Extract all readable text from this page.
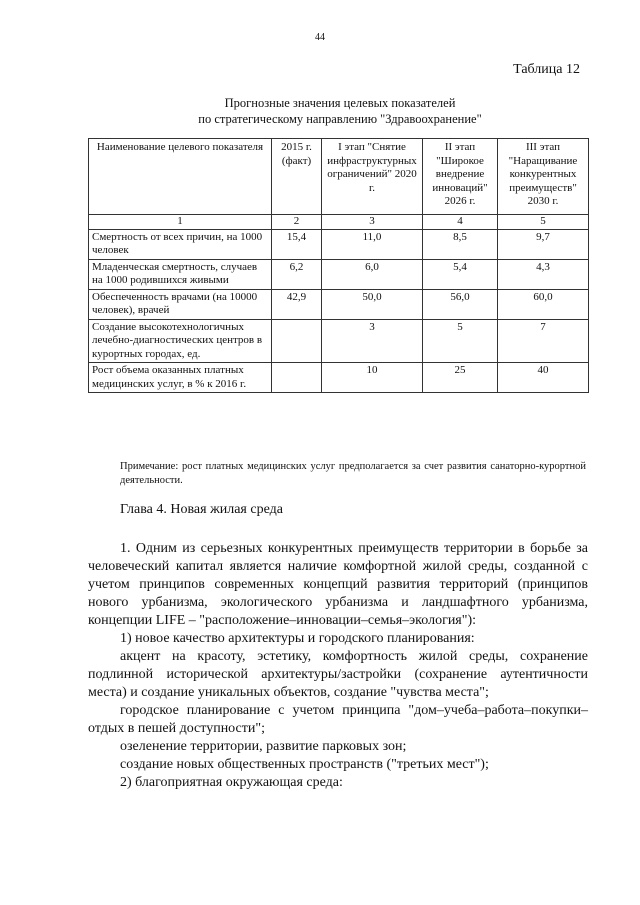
44
Таблица 12
Прогнозные значения целевых показателей
по стратегическому направлению "Здравоохранение"
Наименование целевого показателя	2015 г. (факт)	I этап "Снятие инфраструктурных ограничений" 2020 г.	II этап "Широкое внедрение инноваций" 2026 г.	III этап "Наращивание конкурентных преимуществ" 2030 г.
1	2	3	4	5
Смертность от всех причин, на 1000 человек	15,4	11,0	8,5	9,7
Младенческая смертность, случаев на 1000 родившихся живыми	6,2	6,0	5,4	4,3
Обеспеченность врачами (на 10000 человек), врачей	42,9	50,0	56,0	60,0
Создание высокотехнологичных лечебно-диагностических центров в курортных городах, ед.		3	5	7
Рост объема оказанных платных медицинских услуг, в % к 2016 г.		10	25	40
Примечание: рост платных медицинских услуг предполагается за счет развития санаторно-курортной деятельности.
Глава 4. Новая жилая среда

1. Одним из серьезных конкурентных преимуществ территории в борьбе за человеческий капитал является наличие комфортной жилой среды, созданной с учетом принципов современных концепций развития территорий (принципов нового урбанизма, экологического урбанизма и ландшафтного урбанизма, концепции LIFE – "расположение–инновации–семья–экология"):

1) новое качество архитектуры и городского планирования:

акцент на красоту, эстетику, комфортность жилой среды, сохранение подлинной исторической архитектуры/застройки (сохранение аутентичности места) и создание уникальных объектов, создание "чувства места";

городское планирование с учетом принципа "дом–учеба–работа–покупки–отдых в пешей доступности";

озеленение территории, развитие парковых зон;

создание новых общественных пространств ("третьих мест");

2) благоприятная окружающая среда:
